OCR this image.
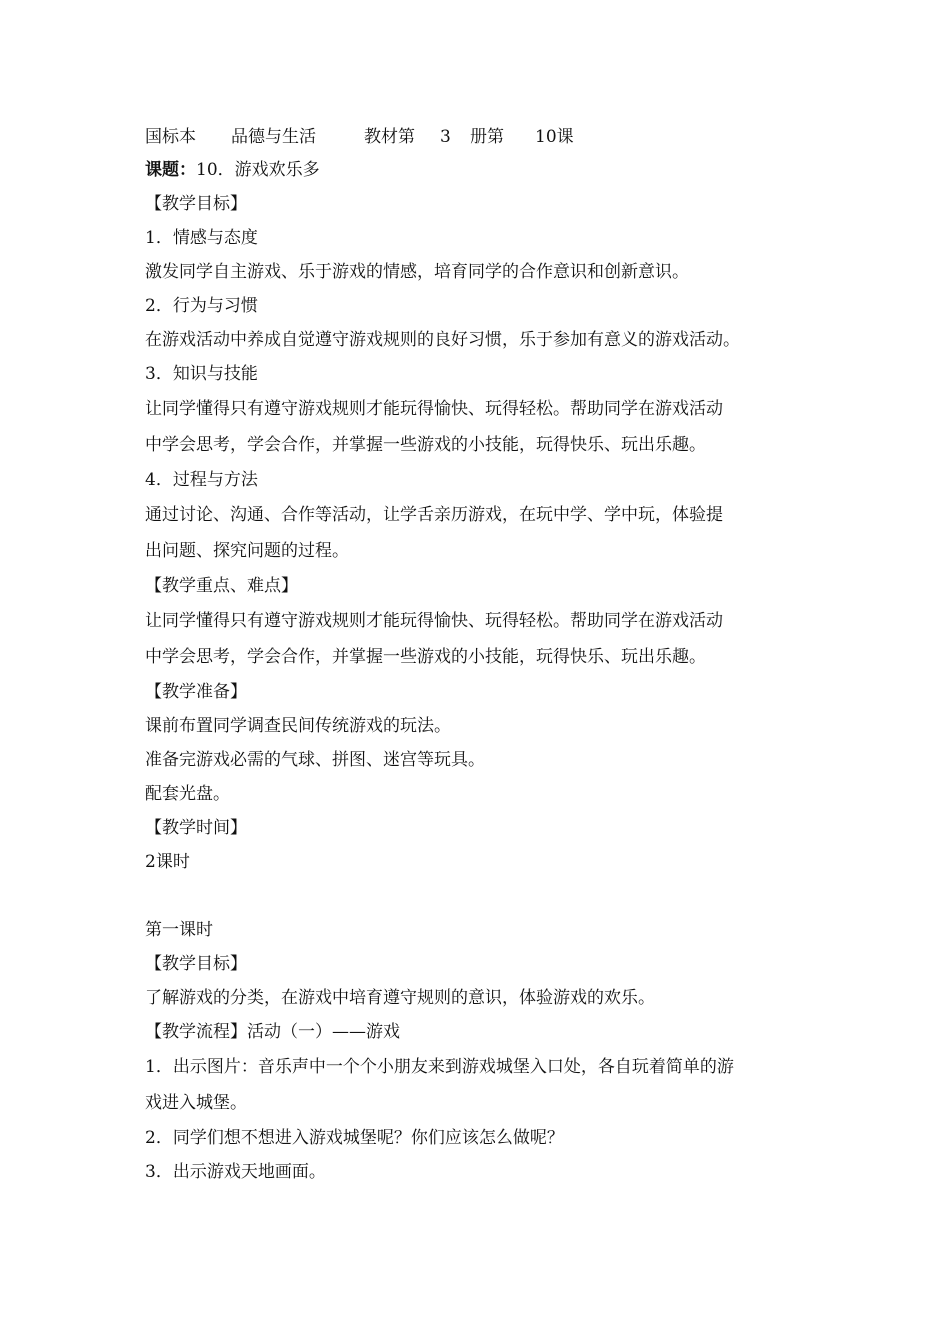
国标本	品德与生活	教材第	3	册第	10课
课题：10．游戏欢乐多
【教学目标】
1．情感与态度
激发同学自主游戏、乐于游戏的情感，培育同学的合作意识和创新意识。
2．行为与习惯
在游戏活动中养成自觉遵守游戏规则的良好习惯，乐于参加有意义的游戏活动。
3．知识与技能
让同学懂得只有遵守游戏规则才能玩得愉快、玩得轻松。帮助同学在游戏活动
中学会思考，学会合作，并掌握一些游戏的小技能，玩得快乐、玩出乐趣。
4．过程与方法
通过讨论、沟通、合作等活动，让学舌亲历游戏，在玩中学、学中玩，体验提
出问题、探究问题的过程。
【教学重点、难点】
让同学懂得只有遵守游戏规则才能玩得愉快、玩得轻松。帮助同学在游戏活动
中学会思考，学会合作，并掌握一些游戏的小技能，玩得快乐、玩出乐趣。
【教学准备】
课前布置同学调查民间传统游戏的玩法。
准备完游戏必需的气球、拼图、迷宫等玩具。
配套光盘。
【教学时间】
2课时
第一课时
【教学目标】
了解游戏的分类，在游戏中培育遵守规则的意识，体验游戏的欢乐。
【教学流程】活动（一）——游戏
1．出示图片：音乐声中一个个小朋友来到游戏城堡入口处，各自玩着简单的游
戏进入城堡。
2．同学们想不想进入游戏城堡呢？你们应该怎么做呢？
3．出示游戏天地画面。
